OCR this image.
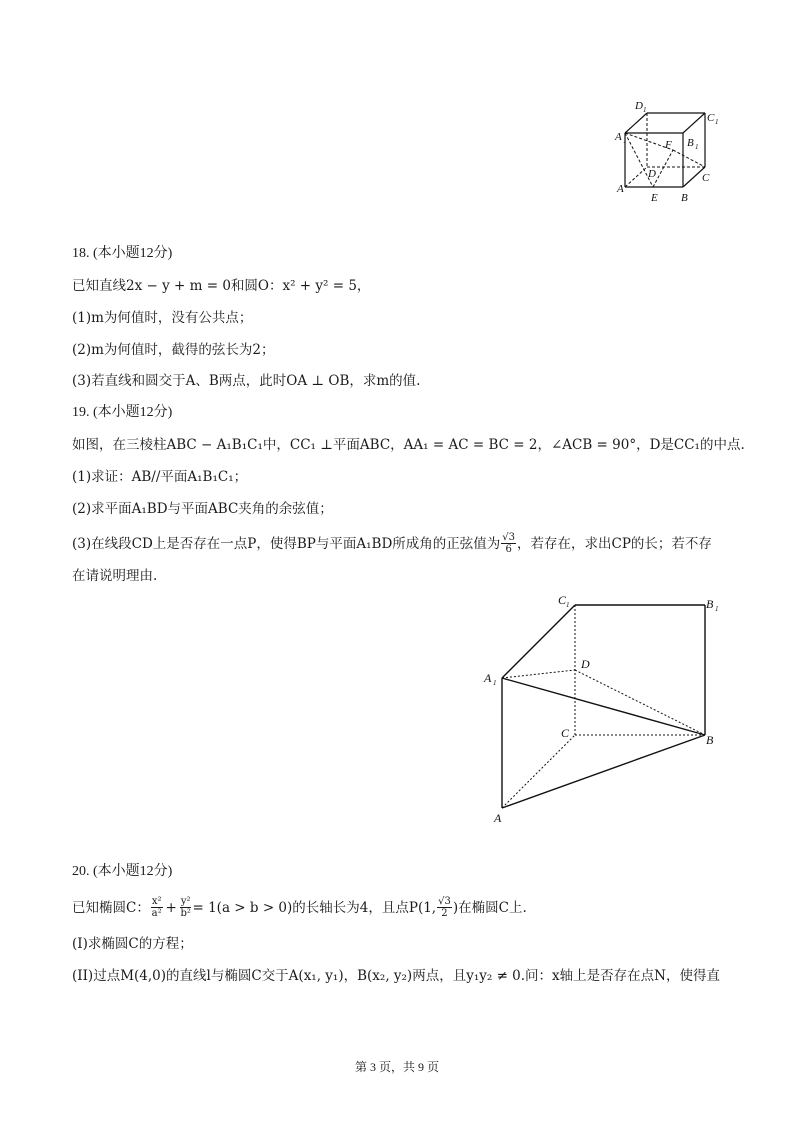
D 1
C 1
A 1	B 1
F
D	C
A
E B
18. (本小题12分)
已知直线2x − y + m = 0和圆O：x² + y² = 5，
(1)m为何值时，没有公共点；
(2)m为何值时，截得的弦长为2；
(3)若直线和圆交于A、B两点，此时OA ⊥ OB，求m的值.
19. (本小题12分)
如图，在三棱柱ABC − A₁B₁C₁中，CC₁ ⊥平面ABC，AA₁ = AC = BC = 2，∠ACB = 90°，D是CC₁的中点.
(1)求证：AB//平面A₁B₁C₁；
(2)求平面A₁BD与平面ABC夹角的余弦值；
(3)在线段CD上是否存在一点P，使得BP与平面A₁BD所成角的正弦值为 $\frac{√3}{6}$ ，若存在，求出CP的长；若不存
在请说明理由.
C 1	B 1
A 1
D
C	B
A
20. (本小题12分)
已知椭圆C： $\frac{\text{x²}}{\text{a²}} + \frac{\text{y²}}{\text{b²}} = 1(a > b > 0)$的长轴长为4，且点P(1, $\frac{√3}{2}$ )在椭圆C上.
(I)求椭圆C的方程；
(II)过点M(4,0)的直线l与椭圆C交于A(x₁, y₁)，B(x₂, y₂)两点，且y₁y₂ ≠ 0.问：x轴上是否存在点N，使得直
第 3 页，共 9 页
